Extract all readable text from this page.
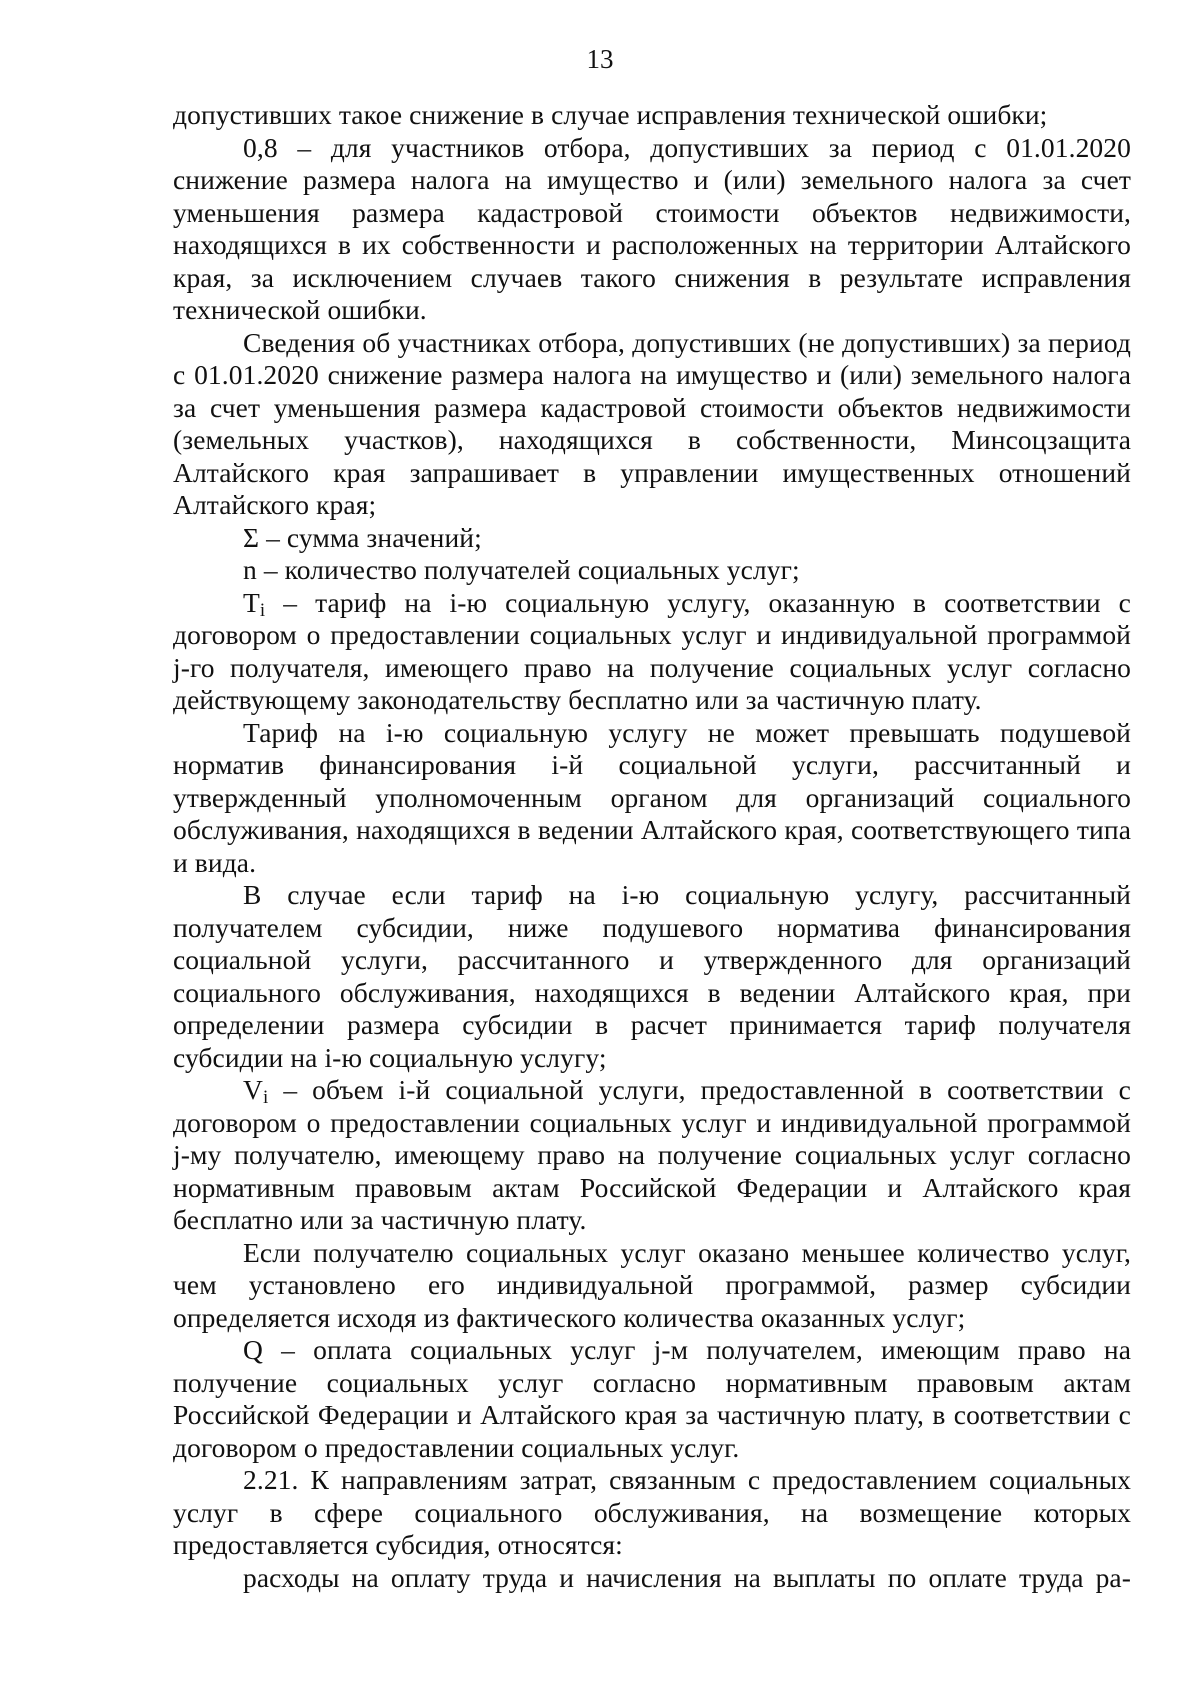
13

допустивших такое снижение в случае исправления технической ошибки;

0,8 – для участников отбора, допустивших за период с 01.01.2020 снижение размера налога на имущество и (или) земельного налога за счет уменьшения размера кадастровой стоимости объектов недвижимости, находящихся в их собственности и расположенных на территории Алтайского края, за исключением случаев такого снижения в результате исправления технической ошибки.

Сведения об участниках отбора, допустивших (не допустивших) за период с 01.01.2020 снижение размера налога на имущество и (или) земельного налога за счет уменьшения размера кадастровой стоимости объектов недвижимости (земельных участков), находящихся в собственности, Минсоцзащита Алтайского края запрашивает в управлении имущественных отношений Алтайского края;

Σ – сумма значений;

n – количество получателей социальных услуг;

$T_i$ – тариф на i-ю социальную услугу, оказанную в соответствии с договором о предоставлении социальных услуг и индивидуальной программой j-го получателя, имеющего право на получение социальных услуг согласно действующему законодательству бесплатно или за частичную плату.

Тариф на i-ю социальную услугу не может превышать подушевой норматив финансирования i-й социальной услуги, рассчитанный и утвержденный уполномоченным органом для организаций социального обслуживания, находящихся в ведении Алтайского края, соответствующего типа и вида.

В случае если тариф на i-ю социальную услугу, рассчитанный получателем субсидии, ниже подушевого норматива финансирования социальной услуги, рассчитанного и утвержденного для организаций социального обслуживания, находящихся в ведении Алтайского края, при определении размера субсидии в расчет принимается тариф получателя субсидии на i-ю социальную услугу;

$V_i$ – объем i-й социальной услуги, предоставленной в соответствии с договором о предоставлении социальных услуг и индивидуальной программой j-му получателю, имеющему право на получение социальных услуг согласно нормативным правовым актам Российской Федерации и Алтайского края бесплатно или за частичную плату.

Если получателю социальных услуг оказано меньшее количество услуг, чем установлено его индивидуальной программой, размер субсидии определяется исходя из фактического количества оказанных услуг;

Q – оплата социальных услуг j-м получателем, имеющим право на получение социальных услуг согласно нормативным правовым актам Российской Федерации и Алтайского края за частичную плату, в соответствии с договором о предоставлении социальных услуг.

2.21. К направлениям затрат, связанным с предоставлением социальных услуг в сфере социального обслуживания, на возмещение которых предоставляется субсидия, относятся:

расходы на оплату труда и начисления на выплаты по оплате труда ра-
